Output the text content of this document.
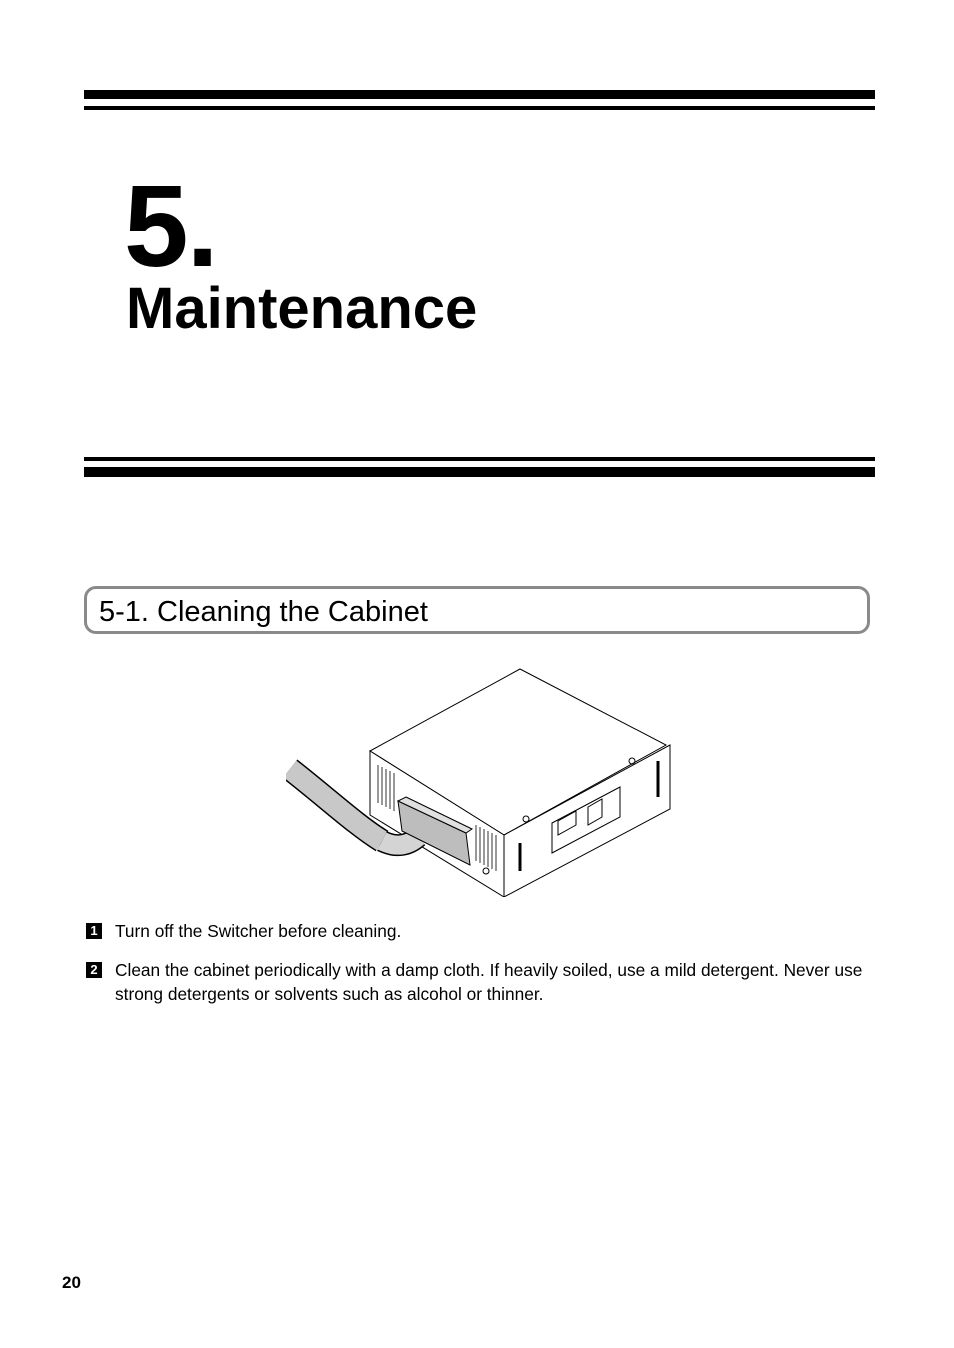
5.
Maintenance
5-1. Cleaning the Cabinet
1 Turn off the Switcher before cleaning.
2 Clean the cabinet periodically with a damp cloth. If heavily soiled, use a mild detergent. Never use strong detergents or solvents such as alcohol or thinner.
20
